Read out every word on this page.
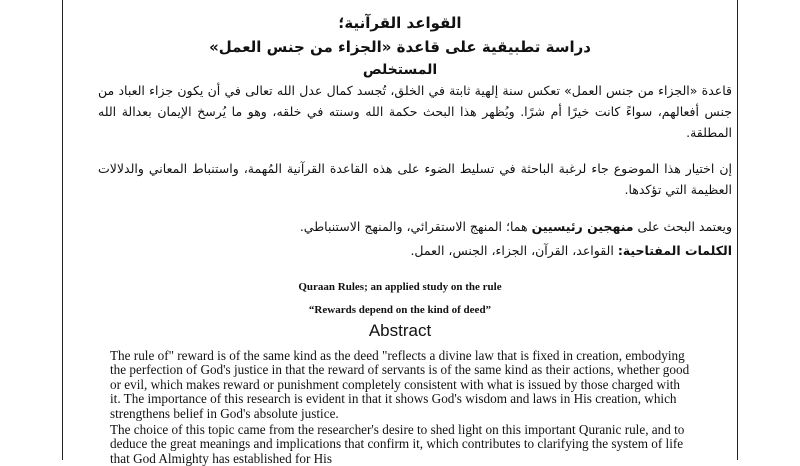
القواعد القرآنية؛
دراسة تطبيقية على قاعدة «الجزاء من جنس العمل»
المستخلص
قاعدة «الجزاء من جنس العمل» تعكس سنة إلهية ثابتة في الخلق، تُجسد كمال عدل الله تعالى في أن يكون جزاء العباد من جنس أفعالهم، سواءً كانت خيرًا أم شرًا. ويُظهر هذا البحث حكمة الله وسنته في خلقه، وهو ما يُرسخ الإيمان بعدالة الله المطلقة.
إن اختيار هذا الموضوع جاء لرغبة الباحثة في تسليط الضوء على هذه القاعدة القرآنية المُهمة، واستنباط المعاني والدلالات العظيمة التي تؤكدها.
ويعتمد البحث على منهجين رئيسيين هما؛ المنهج الاستقرائي، والمنهج الاستنباطي.
الكلمات المفتاحية: القواعد، القرآن، الجزاء، الجنس، العمل.
Quraan Rules; an applied study on the rule
“Rewards depend on the kind of deed”
Abstract
The rule of" reward is of the same kind as the deed "reflects a divine law that is fixed in creation, embodying the perfection of God's justice in that the reward of servants is of the same kind as their actions, whether good or evil, which makes reward or punishment completely consistent with what is issued by those charged with it. The importance of this research is evident in that it shows God's wisdom and laws in His creation, which strengthens belief in God's absolute justice.
The choice of this topic came from the researcher's desire to shed light on this important Quranic rule, and to deduce the great meanings and implications that confirm it, which contributes to clarifying the system of life that God Almighty has established for His
